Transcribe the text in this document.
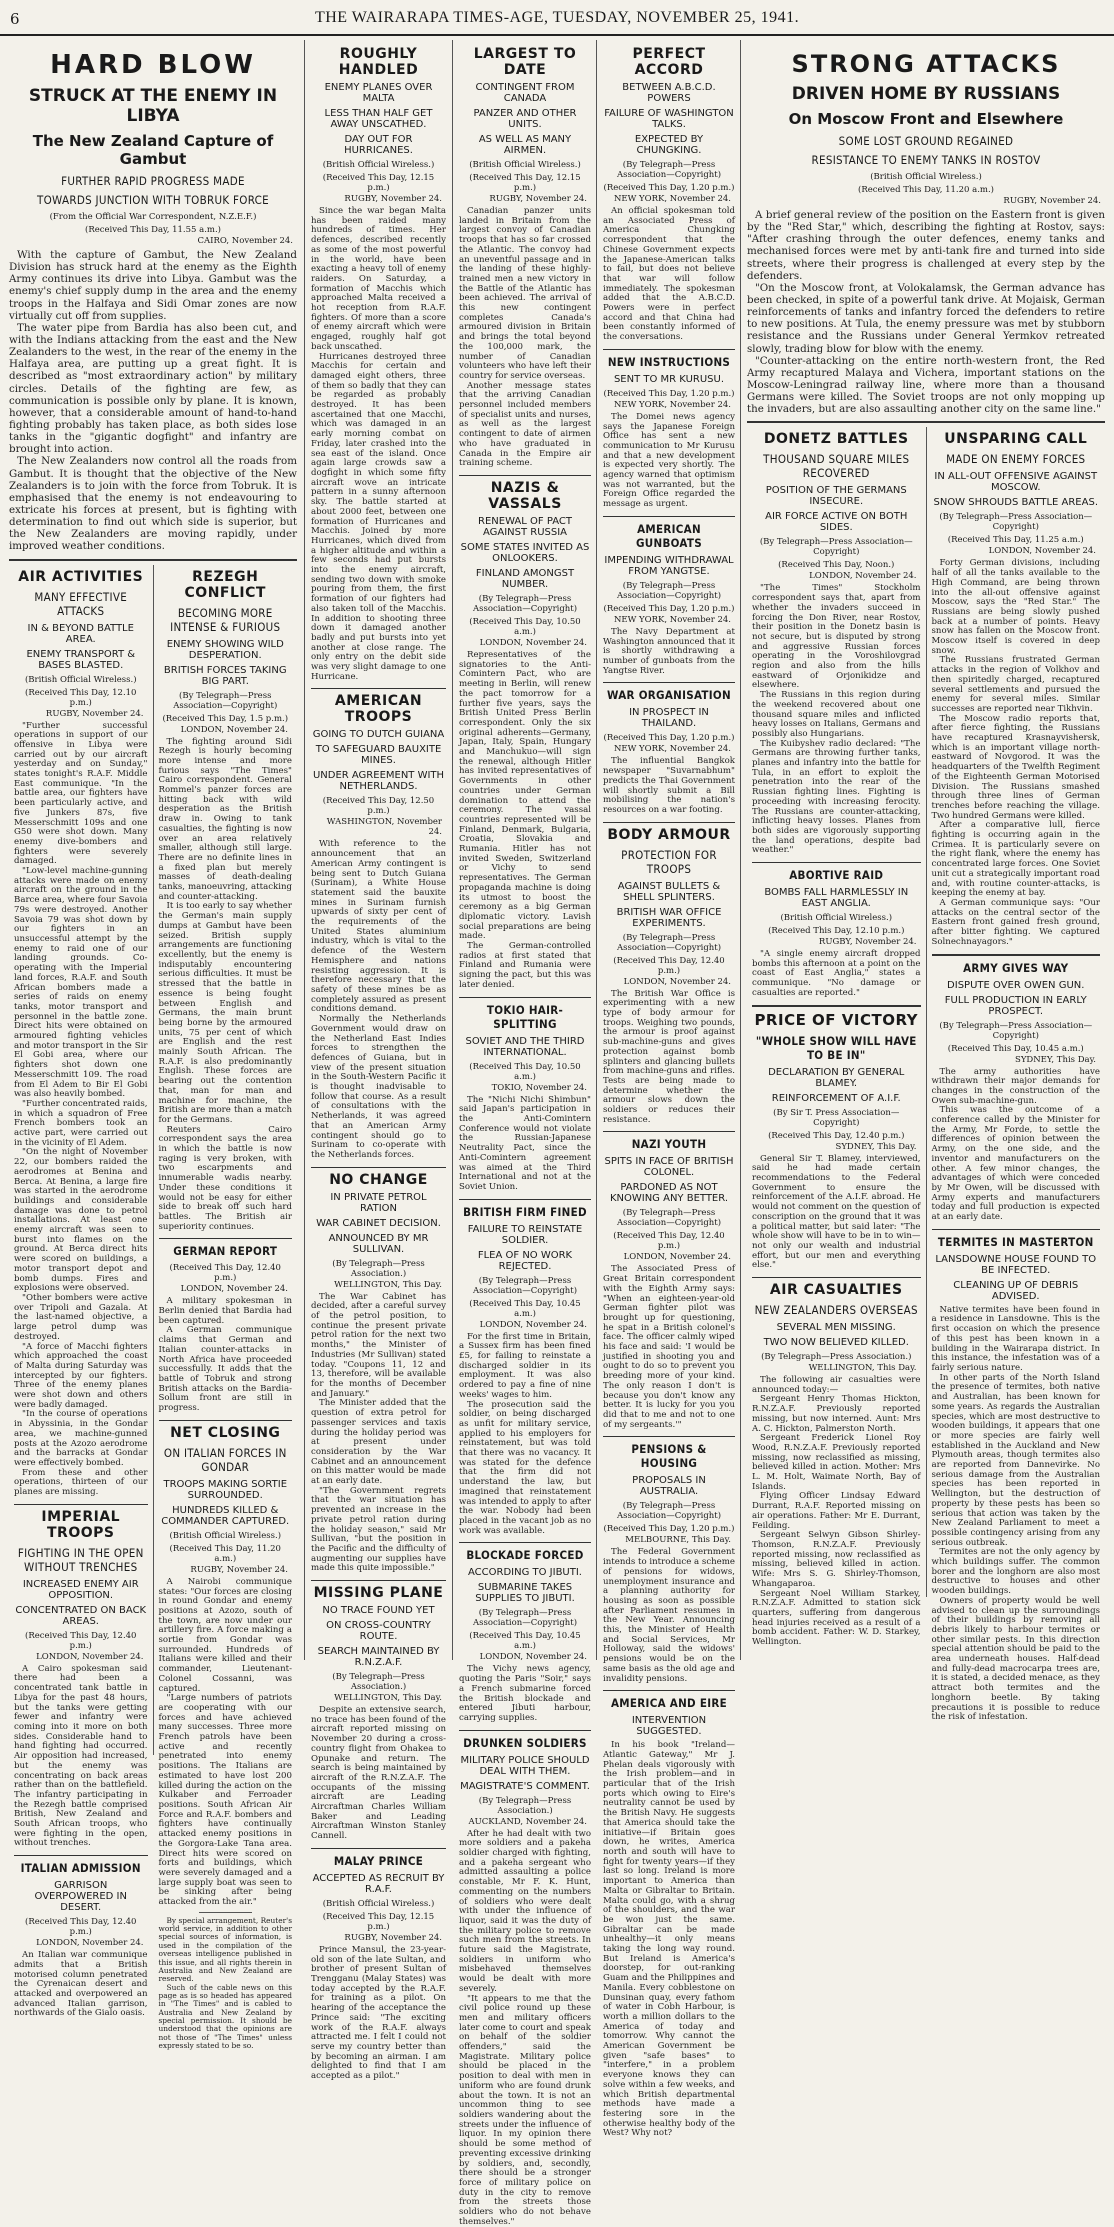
6	THE WAIRARAPA TIMES-AGE, TUESDAY, NOVEMBER 25, 1941.
HARD BLOW
STRUCK AT THE ENEMY IN LIBYA
The New Zealand Capture of Gambut
FURTHER RAPID PROGRESS MADE
TOWARDS JUNCTION WITH TOBRUK FORCE
(From the Official War Correspondent, N.Z.E.F.)
(Received This Day, 11.55 a.m.)
CAIRO, November 24.

With the capture of Gambut, the New Zealand Division has struck hard at the enemy as the Eighth Army continues its drive into Libya. Gambut was the enemy's chief supply dump in the area and the enemy troops in the Halfaya and Sidi Omar zones are now virtually cut off from supplies.

The water pipe from Bardia has also been cut, and with the Indians attacking from the east and the New Zealanders to the west, in the rear of the enemy in the Halfaya area, are putting up a great fight. It is described as "most extraordinary action" by military circles. Details of the fighting are few, as communication is possible only by plane. It is known, however, that a considerable amount of hand-to-hand fighting probably has taken place, as both sides lose tanks in the "gigantic dogfight" and infantry are brought into action.

The New Zealanders now control all the roads from Gambut. It is thought that the objective of the New Zealanders is to join with the force from Tobruk. It is emphasised that the enemy is not endeavouring to extricate his forces at present, but is fighting with determination to find out which side is superior, but the New Zealanders are moving rapidly, under improved weather conditions.

AIR ACTIVITIES
MANY EFFECTIVE ATTACKS
IN & BEYOND BATTLE AREA.
ENEMY TRANSPORT & BASES BLASTED.
(British Official Wireless.)
(Received This Day, 12.10 p.m.)
RUGBY, November 24.

"Further successful operations in support of our offensive in Libya were carried out by our aircraft yesterday and on Sunday," states tonight's R.A.F. Middle East communique. "In the battle area, our fighters have been particularly active, and five Junkers 87s, five Messerschmitt 109s and one G50 were shot down. Many enemy dive-bombers and fighters were severely damaged.

"Low-level machine-gunning attacks were made on enemy aircraft on the ground in the Barce area, where four Savoia 79s were destroyed. Another Savoia 79 was shot down by our fighters in an unsuccessful attempt by the enemy to raid one of our landing grounds. Co-operating with the Imperial land forces, R.A.F. and South African bombers made a series of raids on enemy tanks, motor transport and personnel in the battle zone. Direct hits were obtained on armoured fighting vehicles and motor transport in the Sir El Gobi area, where our fighters shot down one Messerschmitt 109. The road from El Adem to Bir El Gobi was also heavily bombed.

"Further concentrated raids, in which a squadron of Free French bombers took an active part, were carried out in the vicinity of El Adem.

"On the night of November 22, our bombers raided the aerodromes at Benina and Berca. At Benina, a large fire was started in the aerodrome buildings and considerable damage was done to petrol installations. At least one enemy aircraft was seen to burst into flames on the ground. At Berca direct hits were scored on buildings, a motor transport depot and bomb dumps. Fires and explosions were observed.

"Other bombers were active over Tripoli and Gazala. At the last-named objective, a large petrol dump was destroyed.

"A force of Macchi fighters which approached the coast of Malta during Saturday was intercepted by our fighters. Three of the enemy planes were shot down and others were badly damaged.

"In the course of operations in Abyssinia, in the Gondar area, we machine-gunned posts at the Azozo aerodrome and the barracks at Gondar were effectively bombed.

From these and other operations, thirteen of our planes are missing.

IMPERIAL TROOPS
FIGHTING IN THE OPEN WITHOUT TRENCHES
INCREASED ENEMY AIR OPPOSITION.
CONCENTRATED ON BACK AREAS.
(Received This Day, 12.40 p.m.)
LONDON, November 24.

A Cairo spokesman said there had been a concentrated tank battle in Libya for the past 48 hours, but the tanks were getting fewer and infantry were coming into it more on both sides. Considerable hand to hand fighting had occurred. Air opposition had increased, but the enemy was concentrating on back areas rather than on the battlefield. The infantry participating in the Rezegh battle comprised British, New Zealand and South African troops, who were fighting in the open, without trenches.

ITALIAN ADMISSION
GARRISON OVERPOWERED IN DESERT.
(Received This Day, 12.40 p.m.)
LONDON, November 24.

An Italian war communique admits that a British motorised column penetrated the Cyrenaican desert and attacked and overpowered an advanced Italian garrison, northwards of the Gialo oasis.

REZEGH CONFLICT
BECOMING MORE INTENSE & FURIOUS
ENEMY SHOWING WILD DESPERATION.
BRITISH FORCES TAKING BIG PART.
(By Telegraph—Press Association—Copyright)
(Received This Day, 1.5 p.m.)
LONDON, November 24.

The fighting around Sidi Rezegh is hourly becoming more intense and more furious says "The Times" Cairo correspondent. General Rommel's panzer forces are hitting back with wild desperation as the British draw in. Owing to tank casualties, the fighting is now over an area relatively smaller, although still large. There are no definite lines in a fixed plan but merely masses of death-dealing tanks, manoeuvring, attacking and counter-attacking.

It is too early to say whether the German's main supply dumps at Gambut have been seized. British supply arrangements are functioning excellently, but the enemy is indisputably encountering serious difficulties. It must be stressed that the battle in essence is being fought between English and Germans, the main brunt being borne by the armoured units, 75 per cent of which are English and the rest mainly South African. The R.A.F. is also predominantly English. These forces are bearing out the contention that, man for man and machine for machine, the British are more than a match for the Germans.

Reuters Cairo correspondent says the area in which the battle is now raging is very broken, with two escarpments and innumerable wadis nearby. Under these conditions it would not be easy for either side to break off such hard battles. The British air superiority continues.

GERMAN REPORT
(Received This Day, 12.40 p.m.)
LONDON, November 24.

A military spokesman in Berlin denied that Bardia had been captured.

A German communique claims that German and Italian counter-attacks in North Africa have proceeded successfully. It adds that the battle of Tobruk and strong British attacks on the Bardia-Sollum front are still in progress.

NET CLOSING
ON ITALIAN FORCES IN GONDAR
TROOPS MAKING SORTIE SURROUNDED.
HUNDREDS KILLED & COMMANDER CAPTURED.
(British Official Wireless.)
(Received This Day, 11.20 a.m.)
RUGBY, November 24.

A Nairobi communique states: "Our forces are closing in round Gondar and enemy positions at Azozo, south of the town, are now under our artillery fire. A force making a sortie from Gondar was surrounded. Hundreds of Italians were killed and their commander, Lieutenant-Colonel Cossanni, was captured.

"Large numbers of patriots are cooperating with our forces and have achieved many successes. Three more French patrols have been active and recently penetrated into enemy positions. The Italians are estimated to have lost 200 killed during the action on the Kulkaber and Ferroader positions. South African Air Force and R.A.F. bombers and fighters have continually attacked enemy positions in the Gorgora-Lake Tana area. Direct hits were scored on forts and buildings, which were severely damaged and a large supply boat was seen to be sinking after being attacked from the air."

By special arrangement, Reuter's world service, in addition to other special sources of information, is used in the compilation of the overseas intelligence published in this issue, and all rights therein in Australia and New Zealand are reserved.

Such of the cable news on this page as is so headed has appeared in "The Times" and is cabled to Australia and New Zealand by special permission. It should be understood that the opinions are not those of "The Times" unless expressly stated to be so.

ROUGHLY HANDLED
ENEMY PLANES OVER MALTA
LESS THAN HALF GET AWAY UNSCATHED.
DAY OUT FOR HURRICANES.
(British Official Wireless.)
(Received This Day, 12.15 p.m.)
RUGBY, November 24.

Since the war began Malta has been raided many hundreds of times. Her defences, described recently as some of the most powerful in the world, have been exacting a heavy toll of enemy raiders. On Saturday, a formation of Macchis which approached Malta received a hot reception from R.A.F. fighters. Of more than a score of enemy aircraft which were engaged, roughly half got back unscathed.

Hurricanes destroyed three Macchis for certain and damaged eight others, three of them so badly that they can be regarded as probably destroyed. It has been ascertained that one Macchi, which was damaged in an early morning combat on Friday, later crashed into the sea east of the island. Once again large crowds saw a dogfight in which some fifty aircraft wove an intricate pattern in a sunny afternoon sky. The battle started at about 2000 feet, between one formation of Hurricanes and Macchis. Joined by more Hurricanes, which dived from a higher altitude and within a few seconds had put bursts into the enemy aircraft, sending two down with smoke pouring from them, the first formation of our fighters had also taken toll of the Macchis. In addition to shooting three down it damaged another badly and put bursts into yet another at close range. The only entry on the debit side was very slight damage to one Hurricane.

AMERICAN TROOPS
GOING TO DUTCH GUIANA
TO SAFEGUARD BAUXITE MINES.
UNDER AGREEMENT WITH NETHERLANDS.
(Received This Day, 12.50 p.m.)
WASHINGTON, November 24.

With reference to the announcement that an American Army contingent is being sent to Dutch Guiana (Surinam), a White House statement said the bauxite mines in Surinam furnish upwards of sixty per cent of the requirements of the United States aluminium industry, which is vital to the defence of the Western Hemisphere and nations resisting aggression. It is therefore necessary that the safety of these mines be as completely assured as present conditions demand.

Normally the Netherlands Government would draw on the Netherland East Indies forces to strengthen the defences of Guiana, but in view of the present situation in the South-Western Pacific it is thought inadvisable to follow that course. As a result of consultations with the Netherlands, it was agreed that an American Army contingent should go to Surinam to co-operate with the Netherlands forces.

NO CHANGE
IN PRIVATE PETROL RATION
WAR CABINET DECISION.
ANNOUNCED BY MR SULLIVAN.
(By Telegraph—Press Association.)
WELLINGTON, This Day.

The War Cabinet has decided, after a careful survey of the petrol position, to continue the present private petrol ration for the next two months," the Minister of Industries (Mr Sullivan) stated today. "Coupons 11, 12 and 13, therefore, will be available for the months of December and January."

The Minister added that the question of extra petrol for passenger services and taxis during the holiday period was at present under consideration by the War Cabinet and an announcement on this matter would be made at an early date.

"The Government regrets that the war situation has prevented an increase in the private petrol ration during the holiday season," said Mr Sullivan, "but the position in the Pacific and the difficulty of augmenting our supplies have made this quite impossible."

MISSING PLANE
NO TRACE FOUND YET
ON CROSS-COUNTRY ROUTE.
SEARCH MAINTAINED BY R.N.Z.A.F.
(By Telegraph—Press Association.)
WELLINGTON, This Day.

Despite an extensive search, no trace has been found of the aircraft reported missing on November 20 during a cross-country flight from Ohakea to Opunake and return. The search is being maintained by aircraft of the R.N.Z.A.F. The occupants of the missing aircraft are Leading Aircraftman Charles William Baker and Leading Aircraftman Winston Stanley Cannell.

MALAY PRINCE
ACCEPTED AS RECRUIT BY R.A.F.
(British Official Wireless.)
(Received This Day, 12.15 p.m.)
RUGBY, November 24.

Prince Mansul, the 23-year-old son of the late Sultan, and brother of present Sultan of Trengganu (Malay States) was today accepted by the R.A.F. for training as a pilot. On hearing of the acceptance the Prince said: "The exciting work of the R.A.F. always attracted me. I felt I could not serve my country better than by becoming an airman. I am delighted to find that I am accepted as a pilot."

LARGEST TO DATE
CONTINGENT FROM CANADA
PANZER AND OTHER UNITS.
AS WELL AS MANY AIRMEN.
(British Official Wireless.)
(Received This Day, 12.15 p.m.)
RUGBY, November 24.

Canadian panzer units landed in Britain from the largest convoy of Canadian troops that has so far crossed the Atlantic. The convoy had an uneventful passage and in the landing of these highly-trained men a new victory in the Battle of the Atlantic has been achieved. The arrival of this new contingent completes Canada's armoured division in Britain and brings the total beyond the 100,000 mark, the number of Canadian volunteers who have left their country for service overseas.

Another message states that the arriving Canadian personnel included members of specialist units and nurses, as well as the largest contingent to date of airmen who have graduated in Canada in the Empire air training scheme.

NAZIS & VASSALS
RENEWAL OF PACT AGAINST RUSSIA
SOME STATES INVITED AS ONLOOKERS.
FINLAND AMONGST NUMBER.
(By Telegraph—Press Association—Copyright)
(Received This Day, 10.50 a.m.)
LONDON, November 24.

Representatives of the signatories to the Anti-Comintern Pact, who are meeting in Berlin, will renew the pact tomorrow for a further five years, says the British United Press Berlin correspondent. Only the six original adherents—Germany, Japan, Italy, Spain, Hungary and Manchukuo—will sign the renewal, although Hitler has invited representatives of Governments in other countries under German domination to attend the ceremony. The vassal countries represented will be Finland, Denmark, Bulgaria, Croatia, Slovakia and Rumania. Hitler has not invited Sweden, Switzerland or Vichy to send representatives. The German propaganda machine is doing its utmost to boost the ceremony as a big German diplomatic victory. Lavish social preparations are being made.

The German-controlled radios at first stated that Finland and Rumania were signing the pact, but this was later denied.

TOKIO HAIR-SPLITTING
SOVIET AND THE THIRD INTERNATIONAL.
(Received This Day, 10.50 a.m.)
TOKIO, November 24.

The "Nichi Nichi Shimbun" said Japan's participation in the Anti-Comintern Conference would not violate the Russian-Japanese Neutrality Pact, since the Anti-Comintern agreement was aimed at the Third International and not at the Soviet Union.

BRITISH FIRM FINED
FAILURE TO REINSTATE SOLDIER.
FLEA OF NO WORK REJECTED.
(By Telegraph—Press Association—Copyright)
(Received This Day, 10.45 a.m.)
LONDON, November 24.

For the first time in Britain, a Sussex firm has been fined £5, for failing to reinstate a discharged soldier in its employment. It was also ordered to pay a fine of nine weeks' wages to him.

The prosecution said the soldier, on being discharged as unfit for military service, applied to his employers for reinstatement, but was told that there was no vacancy. It was stated for the defence that the firm did not understand the law, but imagined that reinstatement was intended to apply to after the war. Nobody had been placed in the vacant job as no work was available.

BLOCKADE FORCED
ACCORDING TO JIBUTI.
SUBMARINE TAKES SUPPLIES TO JIBUTI.
(By Telegraph—Press Association—Copyright)
(Received This Day, 10.45 a.m.)
LONDON, November 24.

The Vichy news agency, quoting the Paris "Soir," says a French submarine forced the British blockade and entered Jibuti harbour, carrying supplies.

DRUNKEN SOLDIERS
MILITARY POLICE SHOULD DEAL WITH THEM.
MAGISTRATE'S COMMENT.
(By Telegraph—Press Association.)
AUCKLAND, November 24.

After he had dealt with two more soldiers and a pakeha soldier charged with fighting, and a pakeha sergeant who admitted assaulting a police constable, Mr F. K. Hunt, commenting on the numbers of soldiers who were dealt with under the influence of liquor, said it was the duty of the military police to remove such men from the streets. In future said the Magistrate, soldiers in uniform who misbehaved themselves would be dealt with more severely.

"It appears to me that the civil police round up these men and military officers later come to court and speak on behalf of the soldier offenders," said the Magistrate. Military police should be placed in the position to deal with men in uniform who are found drunk about the town. It is not an uncommon thing to see soldiers wandering about the streets under the influence of liquor. In my opinion there should be some method of preventing excessive drinking by soldiers, and, secondly, there should be a stronger force of military police on duty in the city to remove from the streets those soldiers who do not behave themselves."

PERFECT ACCORD
BETWEEN A.B.C.D. POWERS
FAILURE OF WASHINGTON TALKS.
EXPECTED BY CHUNGKING.
(By Telegraph—Press Association—Copyright)
(Received This Day, 1.20 p.m.)
NEW YORK, November 24.

An official spokesman told an Associated Press of America Chungking correspondent that the Chinese Government expects the Japanese-American talks to fail, but does not believe that war will follow immediately. The spokesman added that the A.B.C.D. Powers were in perfect accord and that China had been constantly informed of the conversations.

NEW INSTRUCTIONS
SENT TO MR KURUSU.
(Received This Day, 1.20 p.m.)
NEW YORK, November 24.

The Domei news agency says the Japanese Foreign Office has sent a new communication to Mr Kurusu and that a new development is expected very shortly. The agency warned that optimism was not warranted, but the Foreign Office regarded the message as urgent.

AMERICAN GUNBOATS
IMPENDING WITHDRAWAL FROM YANGTSE.
(By Telegraph—Press Association—Copyright)
(Received This Day, 1.20 p.m.)
NEW YORK, November 24.

The Navy Department at Washington announced that it is shortly withdrawing a number of gunboats from the Yangtse River.

WAR ORGANISATION
IN PROSPECT IN THAILAND.
(Received This Day, 1.20 p.m.)
NEW YORK, November 24.

The influential Bangkok newspaper "Suvarnabhum" predicts the Thai Government will shortly submit a Bill mobilising the nation's resources on a war footing.

BODY ARMOUR
PROTECTION FOR TROOPS
AGAINST BULLETS & SHELL SPLINTERS.
BRITISH WAR OFFICE EXPERIMENTS.
(By Telegraph—Press Association—Copyright)
(Received This Day, 12.40 p.m.)
LONDON, November 24.

The British War Office is experimenting with a new type of body armour for troops. Weighing two pounds, the armour is proof against sub-machine-guns and gives protection against bomb splinters and glancing bullets from machine-guns and rifles. Tests are being made to determine whether the armour slows down the soldiers or reduces their resistance.

NAZI YOUTH
SPITS IN FACE OF BRITISH COLONEL.
PARDONED AS NOT KNOWING ANY BETTER.
(By Telegraph—Press Association—Copyright)
(Received This Day, 12.40 p.m.)
LONDON, November 24.

The Associated Press of Great Britain correspondent with the Eighth Army says: "When an eighteen-year-old German fighter pilot was brought up for questioning, he spat in a British colonel's face. The officer calmly wiped his face and said: 'I would be justified in shooting you and ought to do so to prevent you breeding more of your kind. The only reason I don't is because you don't know any better. It is lucky for you you did that to me and not to one of my sergeants.'"

PENSIONS & HOUSING
PROPOSALS IN AUSTRALIA.
(By Telegraph—Press Association—Copyright)
(Received This Day, 1.20 p.m.)
MELBOURNE, This Day.

The Federal Government intends to introduce a scheme of pensions for widows, unemployment insurance and a planning authority for housing as soon as possible after Parliament resumes in the New Year. Announcing this, the Minister of Health and Social Services, Mr Holloway, said the widows' pensions would be on the same basis as the old age and invalidity pensions.

AMERICA AND EIRE
INTERVENTION SUGGESTED.

In his book "Ireland—Atlantic Gateway," Mr J. Phelan deals vigorously with the Irish problem—and in particular that of the Irish ports which owing to Eire's neutrality cannot be used by the British Navy. He suggests that America should take the initiative—if Britain goes down, he writes, America north and south will have to fight for twenty years—if they last so long. Ireland is more important to America than Malta or Gibraltar to Britain. Malta could go, with a shrug of the shoulders, and the war be won just the same. Gibraltar can be made unhealthy—it only means taking the long way round. But Ireland is America's doorstep, for out-ranking Guam and the Philippines and Manila. Every cobblestone on Dunsinan quay, every fathom of water in Cobh Harbour, is worth a million dollars to the America of today and tomorrow. Why cannot the American Government be given "safe bases" to "interfere," in a problem everyone knows they can solve within a few weeks, and which British departmental methods have made a festering sore in the otherwise healthy body of the West? Why not?

STRONG ATTACKS
DRIVEN HOME BY RUSSIANS
On Moscow Front and Elsewhere
SOME LOST GROUND REGAINED
RESISTANCE TO ENEMY TANKS IN ROSTOV
(British Official Wireless.)
(Received This Day, 11.20 a.m.)
RUGBY, November 24.

A brief general review of the position on the Eastern front is given by the "Red Star," which, describing the fighting at Rostov, says: "After crashing through the outer defences, enemy tanks and mechanised forces were met by anti-tank fire and turned into side streets, where their progress is challenged at every step by the defenders.

"On the Moscow front, at Volokalamsk, the German advance has been checked, in spite of a powerful tank drive. At Mojaisk, German reinforcements of tanks and infantry forced the defenders to retire to new positions. At Tula, the enemy pressure was met by stubborn resistance and the Russians under General Yermkov retreated slowly, trading blow for blow with the enemy.

"Counter-attacking on the entire north-western front, the Red Army recaptured Malaya and Vichera, important stations on the Moscow-Leningrad railway line, where more than a thousand Germans were killed. The Soviet troops are not only mopping up the invaders, but are also assaulting another city on the same line."

DONETZ BATTLES
THOUSAND SQUARE MILES RECOVERED
POSITION OF THE GERMANS INSECURE.
AIR FORCE ACTIVE ON BOTH SIDES.
(By Telegraph—Press Association—Copyright)
(Received This Day, Noon.)
LONDON, November 24.

"The Times" Stockholm correspondent says that, apart from whether the invaders succeed in forcing the Don River, near Rostov, their position in the Donetz basin is not secure, but is disputed by strong and aggressive Russian forces operating in the Voroshilovgrad region and also from the hills eastward of Orjonikidze and elsewhere.

The Russians in this region during the weekend recovered about one thousand square miles and inflicted heavy losses on Italians, Germans and possibly also Hungarians.

The Kuibyshev radio declared: "The Germans are throwing further tanks, planes and infantry into the battle for Tula, in an effort to exploit the penetration into the rear of the Russian fighting lines. Fighting is proceeding with increasing ferocity. The Russians are counter-attacking, inflicting heavy losses. Planes from both sides are vigorously supporting the land operations, despite bad weather."

ABORTIVE RAID
BOMBS FALL HARMLESSLY IN EAST ANGLIA.
(British Official Wireless.)
(Received This Day, 12.10 p.m.)
RUGBY, November 24.

"A single enemy aircraft dropped bombs this afternoon at a point on the coast of East Anglia," states a communique. "No damage or casualties are reported."

PRICE OF VICTORY
"WHOLE SHOW WILL HAVE TO BE IN"
DECLARATION BY GENERAL BLAMEY.
REINFORCEMENT OF A.I.F.
(By Sir T. Press Association—Copyright)
(Received This Day, 12.40 p.m.)
SYDNEY, This Day.

General Sir T. Blamey, interviewed, said he had made certain recommendations to the Federal Government to ensure the reinforcement of the A.I.F. abroad. He would not comment on the question of conscription on the ground that it was a political matter, but said later: "The whole show will have to be in to win—not only our wealth and industrial effort, but our men and everything else."

AIR CASUALTIES
NEW ZEALANDERS OVERSEAS
SEVERAL MEN MISSING.
TWO NOW BELIEVED KILLED.
(By Telegraph—Press Association.)
WELLINGTON, This Day.

The following air casualties were announced today:—

Sergeant Henry Thomas Hickton, R.N.Z.A.F. Previously reported missing, but now interned. Aunt: Mrs A. C. Hickton, Palmerston North.

Sergeant Frederick Lionel Roy Wood, R.N.Z.A.F. Previously reported missing, now reclassified as missing, believed killed in action. Mother: Mrs L. M. Holt, Waimate North, Bay of Islands.

Flying Officer Lindsay Edward Durrant, R.A.F. Reported missing on air operations. Father: Mr E. Durrant, Feilding.

Sergeant Selwyn Gibson Shirley-Thomson, R.N.Z.A.F. Previously reported missing, now reclassified as missing, believed killed in action. Wife: Mrs S. G. Shirley-Thomson, Whangaparoa.

Sergeant Noel William Starkey, R.N.Z.A.F. Admitted to station sick quarters, suffering from dangerous head injuries received as a result of a bomb accident. Father: W. D. Starkey, Wellington.

UNSPARING CALL
MADE ON ENEMY FORCES
IN ALL-OUT OFFENSIVE AGAINST MOSCOW.
SNOW SHROUDS BATTLE AREAS.
(By Telegraph—Press Association—Copyright)
(Received This Day, 11.25 a.m.)
LONDON, November 24.

Forty German divisions, including half of all the tanks available to the High Command, are being thrown into the all-out offensive against Moscow, says the "Red Star." The Russians are being slowly pushed back at a number of points. Heavy snow has fallen on the Moscow front. Moscow itself is covered in deep snow.

The Russians frustrated German attacks in the region of Volkhov and then spiritedly charged, recaptured several settlements and pursued the enemy for several miles. Similar successes are reported near Tikhvin.

The Moscow radio reports that, after fierce fighting, the Russians have recaptured Krasnayvishersk, which is an important village north-eastward of Novgorod. It was the headquarters of the Twelfth Regiment of the Eighteenth German Motorised Division. The Russians smashed through three lines of German trenches before reaching the village. Two hundred Germans were killed.

After a comparative lull, fierce fighting is occurring again in the Crimea. It is particularly severe on the right flank, where the enemy has concentrated large forces. One Soviet unit cut a strategically important road and, with routine counter-attacks, is keeping the enemy at bay.

A German communique says: "Our attacks on the central sector of the Eastern front gained fresh ground, after bitter fighting. We captured Solnechnayagors."

ARMY GIVES WAY
DISPUTE OVER OWEN GUN.
FULL PRODUCTION IN EARLY PROSPECT.
(By Telegraph—Press Association—Copyright)
(Received This Day, 10.45 a.m.)
SYDNEY, This Day.

The army authorities have withdrawn their major demands for changes in the construction of the Owen sub-machine-gun.

This was the outcome of a conference called by the Minister for the Army, Mr Forde, to settle the differences of opinion between the Army, on the one side, and the inventor and manufacturers on the other. A few minor changes, the advantages of which were conceded by Mr Owen, will be discussed with Army experts and manufacturers today and full production is expected at an early date.

TERMITES IN MASTERTON
LANSDOWNE HOUSE FOUND TO BE INFECTED.
CLEANING UP OF DEBRIS ADVISED.

Native termites have been found in a residence in Lansdowne. This is the first occasion on which the presence of this pest has been known in a building in the Wairarapa district. In this instance, the infestation was of a fairly serious nature.

In other parts of the North Island the presence of termites, both native and Australian, has been known for some years. As regards the Australian species, which are most destructive to wooden buildings, it appears that one or more species are fairly well established in the Auckland and New Plymouth areas, though termites also are reported from Dannevirke. No serious damage from the Australian species has been reported in Wellington, but the destruction of property by these pests has been so serious that action was taken by the New Zealand Parliament to meet a possible contingency arising from any serious outbreak.

Termites are not the only agency by which buildings suffer. The common borer and the longhorn are also most destructive to houses and other wooden buildings.

Owners of property would be well advised to clean up the surroundings of their buildings by removing all debris likely to harbour termites or other similar pests. In this direction special attention should be paid to the area underneath houses. Half-dead and fully-dead macrocarpa trees are, it is stated, a decided menace, as they attract both termites and the longhorn beetle. By taking precautions it is possible to reduce the risk of infestation.
